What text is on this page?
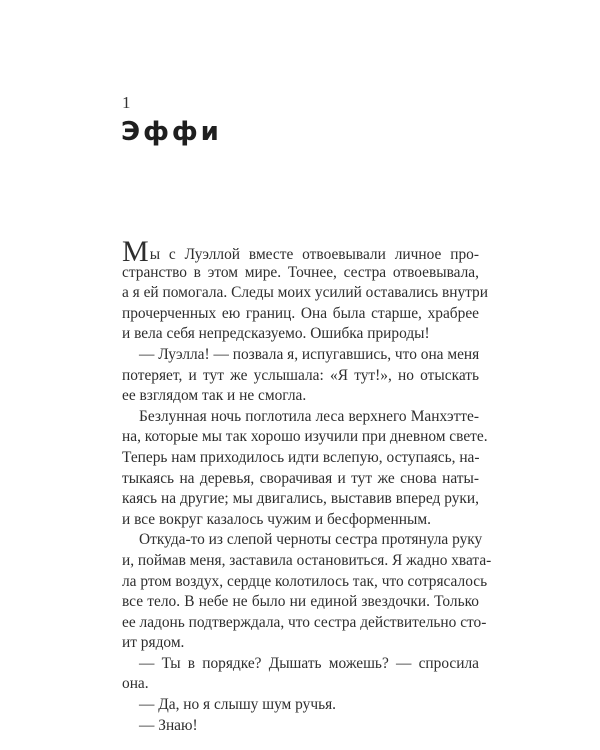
1
Эффи
Мы с Луэллой вместе отвоевывали личное про-
странство в этом мире. Точнее, сестра отвоевывала,
а я ей помогала. Следы моих усилий оставались внутри
прочерченных ею границ. Она была старше, храбрее
и вела себя непредсказуемо. Ошибка природы!
— Луэлла! — позвала я, испугавшись, что она меня
потеряет, и тут же услышала: «Я тут!», но отыскать
ее взглядом так и не смогла.
Безлунная ночь поглотила леса верхнего Манхэтте-
на, которые мы так хорошо изучили при дневном свете.
Теперь нам приходилось идти вслепую, оступаясь, на-
тыкаясь на деревья, сворачивая и тут же снова наты-
каясь на другие; мы двигались, выставив вперед руки,
и все вокруг казалось чужим и бесформенным.
Откуда-то из слепой черноты сестра протянула руку
и, поймав меня, заставила остановиться. Я жадно хвата-
ла ртом воздух, сердце колотилось так, что сотрясалось
все тело. В небе не было ни единой звездочки. Только
ее ладонь подтверждала, что сестра действительно сто-
ит рядом.
— Ты в порядке? Дышать можешь? — спросила
она.
— Да, но я слышу шум ручья.
— Знаю!
